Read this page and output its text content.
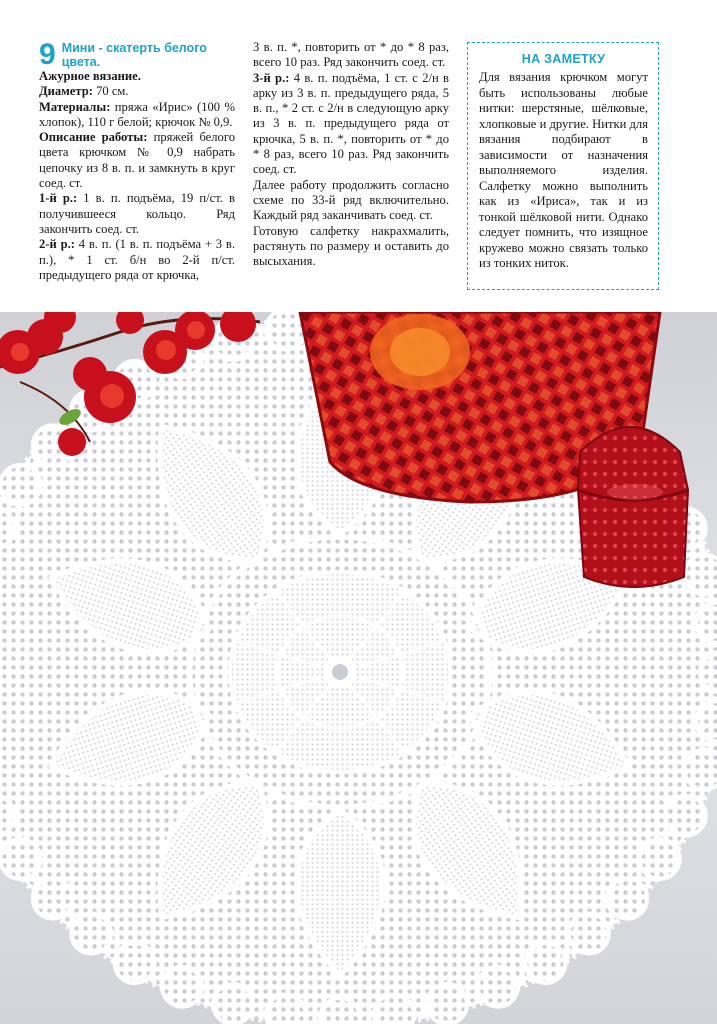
9 Мини - скатерть белого цвета.

Ажурное вязание.

Диаметр: 70 см.

Материалы: пряжа «Ирис» (100 % хлопок), 110 г белой; крючок № 0,9.

Описание работы: пряжей белого цвета крючком № 0,9 набрать цепочку из 8 в. п. и замкнуть в круг соед. ст.

1-й р.: 1 в. п. подъёма, 19 п/ст. в получившееся кольцо. Ряд закончить соед. ст.

2-й р.: 4 в. п. (1 в. п. подъёма + 3 в. п.), * 1 ст. б/н во 2-й п/ст. предыдущего ряда от крючка,

3 в. п. *, повторить от * до * 8 раз, всего 10 раз. Ряд закончить соед. ст.

3-й р.: 4 в. п. подъёма, 1 ст. с 2/н в арку из 3 в. п. предыдущего ряда, 5 в. п., * 2 ст. с 2/н в следующую арку из 3 в. п. предыдущего ряда от крючка, 5 в. п. *, повторить от * до * 8 раз, всего 10 раз. Ряд закончить соед. ст.

Далее работу продолжить согласно схеме по 33-й ряд включительно. Каждый ряд заканчивать соед. ст.

Готовую салфетку накрахмалить, растянуть по размеру и оставить до высыхания.

НА ЗАМЕТКУ

Для вязания крючком могут быть использованы любые нитки: шерстяные, шёлковые, хлопковые и другие. Нитки для вязания подбирают в зависимости от назначения выполняемого изделия. Салфетку можно выполнить как из «Ириса», так и из тонкой шёлковой нити. Однако следует помнить, что изящное кружево можно связать только из тонких ниток.
